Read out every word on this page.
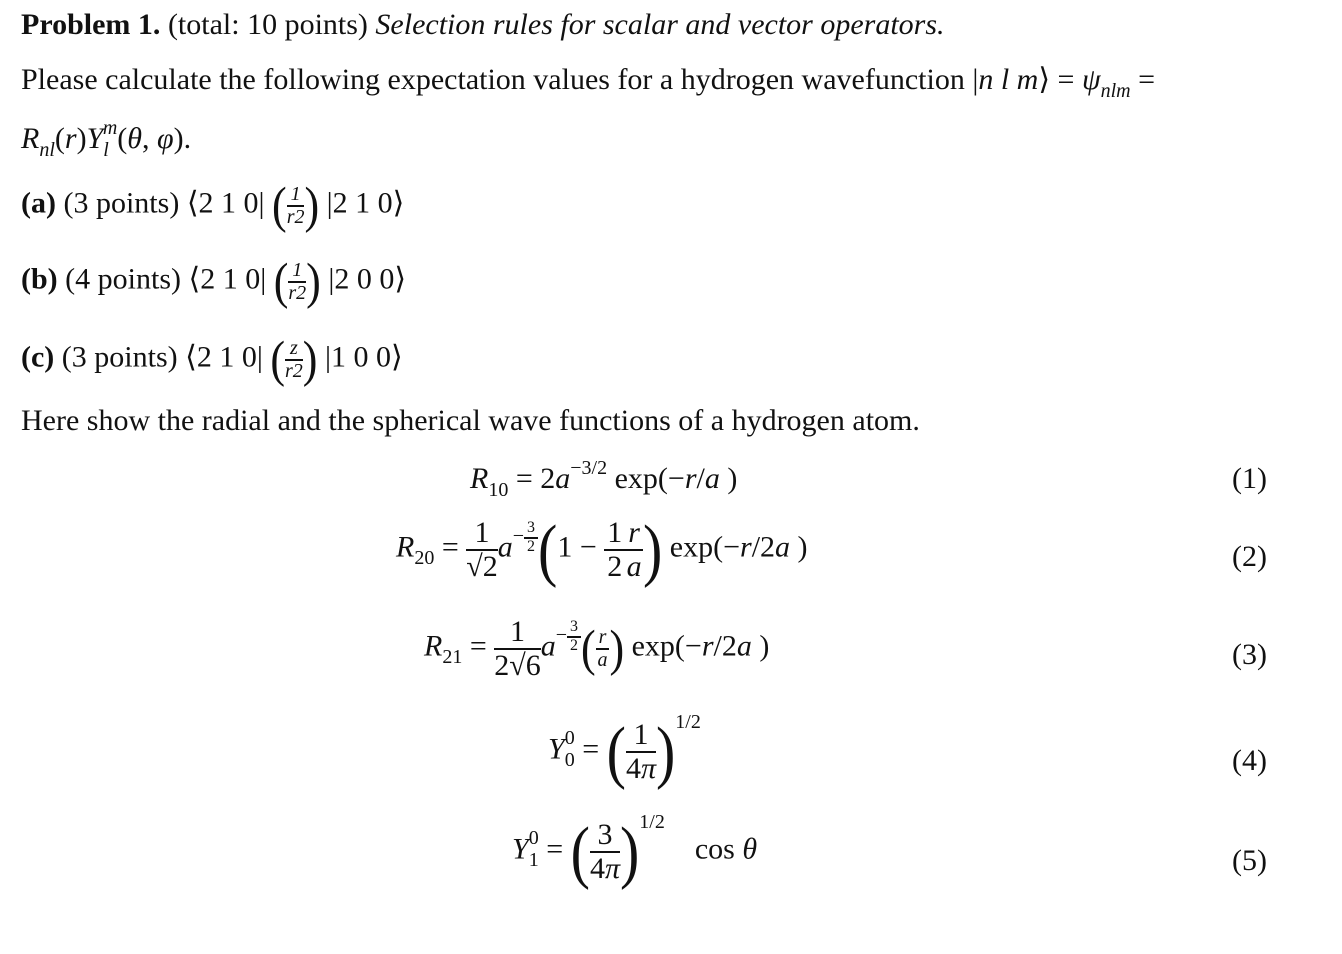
Problem 1. (total: 10 points) Selection rules for scalar and vector operators.
Please calculate the following expectation values for a hydrogen wavefunction |n l m⟩ = $\psi_{nlm}$ =
$R_{nl}(r)Y_l^m(\theta$, φ).
(a) (3 points) ⟨2 1 0| ( $\frac{1}{r2}$ ) |2 1 0⟩
(b) (4 points) ⟨2 1 0| ( $\frac{1}{r2}$ ) |2 0 0⟩
(c) (3 points) ⟨2 1 0| ( $\frac{z}{r2}$ ) |1 0 0⟩
Here show the radial and the spherical wave functions of a hydrogen atom.
$R_{10} = 2a^{-3/2}$ exp(−r/a )	(1)
$R_{20} = \frac{1}{√2} a^{- \frac{3}{2}}$ ($1 - \frac{1}{2} \frac{r}{a}$ ) exp(−r/2a )	(2)
$R_{21} = \frac{1}{2√6} a^{- \frac{3}{2}}$ ( $\frac{r}{a}$ ) exp(−r/2a )	(3)
$Y_0^0$ = ( $\frac{1}{4\pi} )^{1/2}$
(4)
$Y_1^0$ = ( $\frac{3}{4\pi} )^{1/2}$    cos θ	(5)
